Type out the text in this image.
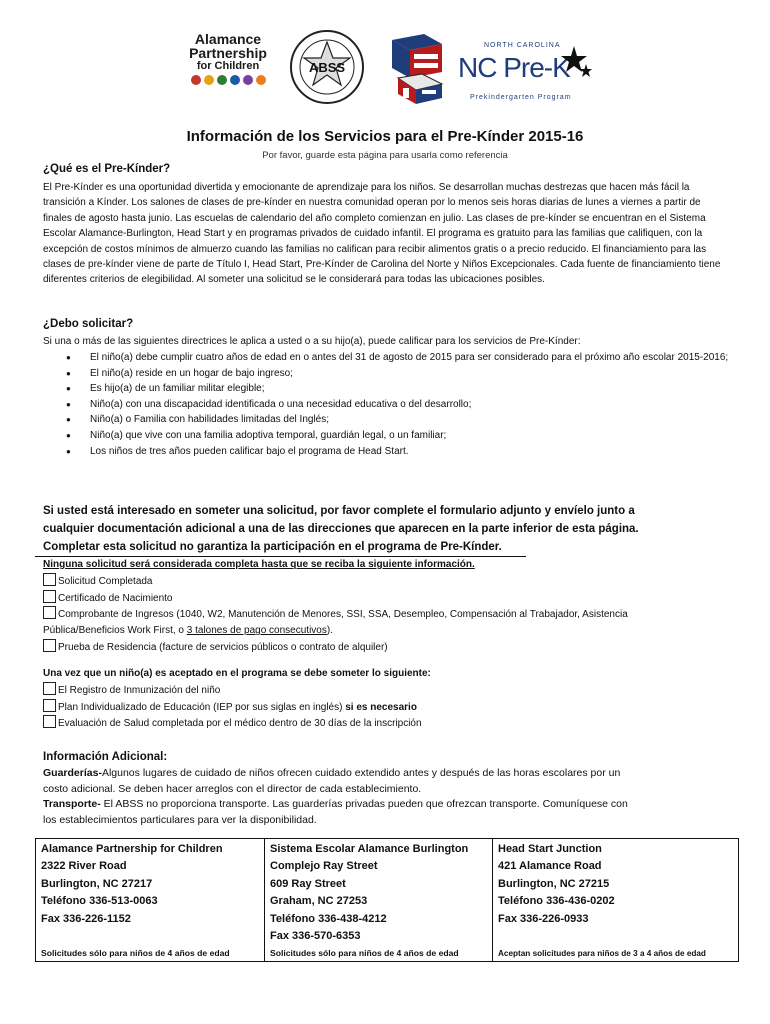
Alamance
Partnership
for Children	ABSS
NORTH CAROLINA
NC Pre-K
Prekindergarten Program
Información de los Servicios para el Pre-Kínder 2015-16
Por favor, guarde esta página para usarla como referencia
¿Qué es el Pre-Kínder?

El Pre-Kínder es una oportunidad divertida y emocionante de aprendizaje para los niños. Se desarrollan muchas destrezas que hacen más fácil la transición a Kínder. Los salones de clases de pre-kínder en nuestra comunidad operan por lo menos seis horas diarias de lunes a viernes a partir de finales de agosto hasta junio. Las escuelas de calendario del año completo comienzan en julio. Las clases de pre-kínder se encuentran en el Sistema Escolar Alamance-Burlington, Head Start y en programas privados de cuidado infantil. El programa es gratuito para las familias que califiquen, con la excepción de costos mínimos de almuerzo cuando las familias no califican para recibir alimentos gratis o a precio reducido. El financiamiento para las clases de pre-kínder viene de parte de Título I, Head Start, Pre-Kínder de Carolina del Norte y Niños Excepcionales. Cada fuente de financiamiento tiene diferentes criterios de elegibilidad. Al someter una solicitud se le considerará para todas las ubicaciones posibles.

¿Debo solicitar?

Si una o más de las siguientes directrices le aplica a usted o a su hijo(a), puede calificar para los servicios de Pre-Kínder:

● El niño(a) debe cumplir cuatro años de edad en o antes del 31 de agosto de 2015 para ser considerado para el próximo año escolar 2015-2016;
● El niño(a) reside en un hogar de bajo ingreso;
● Es hijo(a) de un familiar militar elegible;
● Niño(a) con una discapacidad identificada o una necesidad educativa o del desarrollo;
● Niño(a) o Familia con habilidades limitadas del Inglés;
● Niño(a) que vive con una familia adoptiva temporal, guardián legal, o un familiar;
● Los niños de tres años pueden calificar bajo el programa de Head Start.
Si usted está interesado en someter una solicitud, por favor complete el formulario adjunto y envíelo junto a
cualquier documentación adicional a una de las direcciones que aparecen en la parte inferior de esta página.
Completar esta solicitud no garantiza la participación en el programa de Pre-Kínder.
Ninguna solicitud será considerada completa hasta que se reciba la siguiente información.
Solicitud Completada
Certificado de Nacimiento
Comprobante de Ingresos (1040, W2, Manutención de Menores, SSI, SSA, Desempleo, Compensación al Trabajador, Asistencia
Pública/Beneficios Work First, o 3 talones de pago consecutivos).
Prueba de Residencia (facture de servicios públicos o contrato de alquiler)
Una vez que un niño(a) es aceptado en el programa se debe someter lo siguiente:
El Registro de Inmunización del niño
Plan Individualizado de Educación (IEP por sus siglas en inglés) si es necesario
Evaluación de Salud completada por el médico dentro de 30 días de la inscripción
Información Adicional:
Guarderías-Algunos lugares de cuidado de niños ofrecen cuidado extendido antes y después de las horas escolares por un
costo adicional. Se deben hacer arreglos con el director de cada establecimiento.
Transporte- El ABSS no proporciona transporte. Las guarderías privadas pueden que ofrezcan transporte. Comuníquese con
los establecimientos particulares para ver la disponibilidad.
Alamance Partnership for Children
2322 River Road
Burlington, NC 27217
Teléfono 336-513-0063
Fax 336-226-1152
Solicitudes sólo para niños de 4 años de edad
Sistema Escolar Alamance Burlington
Complejo Ray Street
609 Ray Street
Graham, NC 27253
Teléfono 336-438-4212
Fax 336-570-6353
Solicitudes sólo para niños de 4 años de edad
Head Start Junction
421 Alamance Road
Burlington, NC 27215
Teléfono 336-436-0202
Fax 336-226-0933
Aceptan solicitudes para niños de 3 a 4 años de edad
